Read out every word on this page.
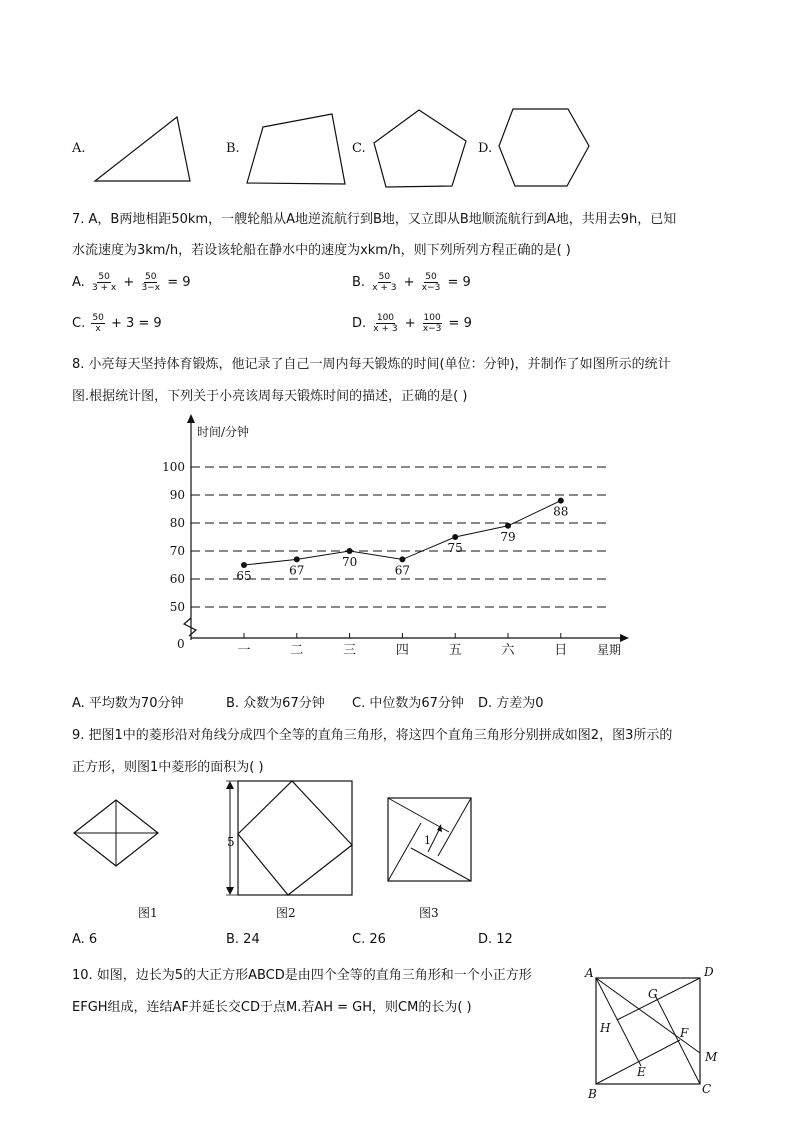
A.	B.	C.	D.
7. A，B两地相距50km，一艘轮船从A地逆流航行到B地，又立即从B地顺流航行到A地，共用去9h，已知
水流速度为3km/h，若设该轮船在静水中的速度为xkm/h，则下列所列方程正确的是( )
A. $\frac{50}{3 + x} + \frac{50}{3-x} = 9$	B. $\frac{50}{x + 3} + \frac{50}{x-3} = 9$
C. $\frac{50}{x} + 3 = 9$	D. $\frac{100}{x + 3} + \frac{100}{x-3} = 9$
8. 小亮每天坚持体育锻炼，他记录了自己一周内每天锻炼的时间(单位：分钟)，并制作了如图所示的统计
图.根据统计图，下列关于小亮该周每天锻炼时间的描述，正确的是( )
时间/分钟
星期
0
100
90
80
70
60
50
一	二	三	四	五	六	日
65	67
70
67
75
79
88
A. 平均数为70分钟	B. 众数为67分钟 C. 中位数为67分钟 D. 方差为0
9. 把图1中的菱形沿对角线分成四个全等的直角三角形，将这四个直角三角形分别拼成如图2，图3所示的
正方形，则图1中菱形的面积为( )
5	1
图1	图2	图3
A. 6	B. 24	C. 26	D. 12
10. 如图，边长为5的大正方形ABCD是由四个全等的直角三角形和一个小正方形
EFGH组成，连结AF并延长交CD于点M.若AH = GH，则CM的长为( )
A	D
G
H	F
M
E
B	C
